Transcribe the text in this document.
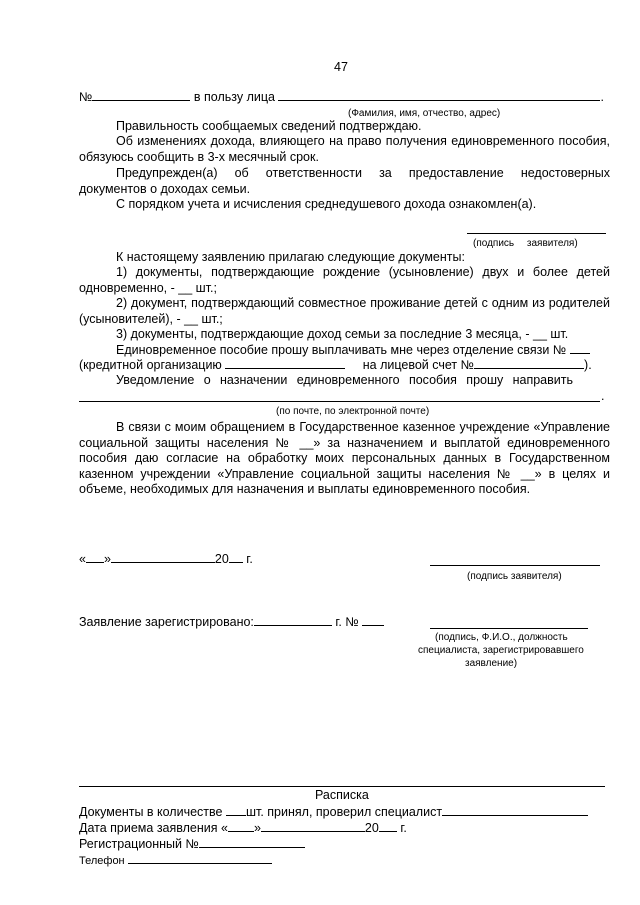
47
№	в пользу лица	.
(Фамилия, имя, отчество, адрес)
Правильность сообщаемых сведений подтверждаю.
Об изменениях дохода, влияющего на право получения единовременного пособия, обязуюсь сообщить в 3-х месячный срок.
Предупрежден(а) об ответственности за предоставление недостоверных документов о доходах семьи.
С порядком учета и исчисления среднедушевого дохода ознакомлен(а).
(подпись заявителя)
К настоящему заявлению прилагаю следующие документы:
1) документы, подтверждающие рождение (усыновление) двух и более детей одновременно, - __ шт.;
2) документ, подтверждающий совместное проживание детей с одним из родителей (усыновителей), - __ шт.;
3) документы, подтверждающие доход семьи за последние 3 месяца, - __ шт.
Единовременное пособие прошу выплачивать мне через отделение связи №
(кредитной организацию	на лицевой счет №	).
Уведомление о назначении единовременного пособия прошу направить
.
(по почте, по электронной почте)
В связи с моим обращением в Государственное казенное учреждение «Управление социальной защиты населения № __» за назначением и выплатой единовременного пособия даю согласие на обработку моих персональных данных в Государственном казенном учреждении «Управление социальной защиты населения № __» в целях и объеме, необходимых для назначения и выплаты единовременного пособия.
« »	20 г.
(подпись заявителя)
Заявление зарегистрировано:	г. №
(подпись, Ф.И.О., должность
специалиста, зарегистрировавшего
заявление)
Расписка
Документы в количестве шт. принял, проверил специалист
Дата приема заявления « »	20 г.
Регистрационный №
Телефон
